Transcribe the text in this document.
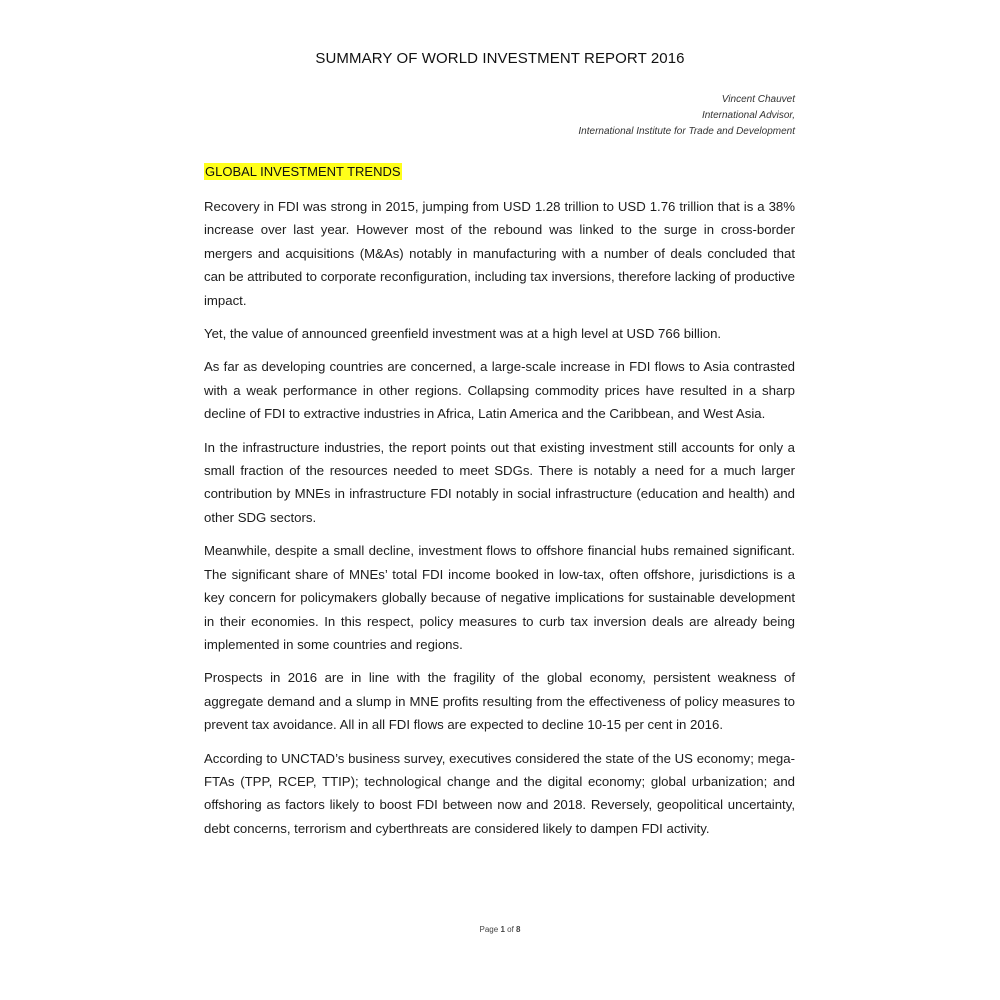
SUMMARY OF WORLD INVESTMENT REPORT 2016
Vincent Chauvet
International Advisor,
International Institute for Trade and Development
GLOBAL INVESTMENT TRENDS

Recovery in FDI was strong in 2015, jumping from USD 1.28 trillion to USD 1.76 trillion that is a 38% increase over last year. However most of the rebound was linked to the surge in cross-border mergers and acquisitions (M&As) notably in manufacturing with a number of deals concluded that can be attributed to corporate reconfiguration, including tax inversions, therefore lacking of productive impact.

Yet, the value of announced greenfield investment was at a high level at USD 766 billion.

As far as developing countries are concerned, a large-scale increase in FDI flows to Asia contrasted with a weak performance in other regions. Collapsing commodity prices have resulted in a sharp decline of FDI to extractive industries in Africa, Latin America and the Caribbean, and West Asia.

In the infrastructure industries, the report points out that existing investment still accounts for only a small fraction of the resources needed to meet SDGs. There is notably a need for a much larger contribution by MNEs in infrastructure FDI notably in social infrastructure (education and health) and other SDG sectors.

Meanwhile, despite a small decline, investment flows to offshore financial hubs remained significant. The significant share of MNEs’ total FDI income booked in low-tax, often offshore, jurisdictions is a key concern for policymakers globally because of negative implications for sustainable development in their economies. In this respect, policy measures to curb tax inversion deals are already being implemented in some countries and regions.

Prospects in 2016 are in line with the fragility of the global economy, persistent weakness of aggregate demand and a slump in MNE profits resulting from the effectiveness of policy measures to prevent tax avoidance. All in all FDI flows are expected to decline 10-15 per cent in 2016.

According to UNCTAD’s business survey, executives considered the state of the US economy; mega-FTAs (TPP, RCEP, TTIP); technological change and the digital economy; global urbanization; and offshoring as factors likely to boost FDI between now and 2018. Reversely, geopolitical uncertainty, debt concerns, terrorism and cyberthreats are considered likely to dampen FDI activity.

Page 1 of 8
